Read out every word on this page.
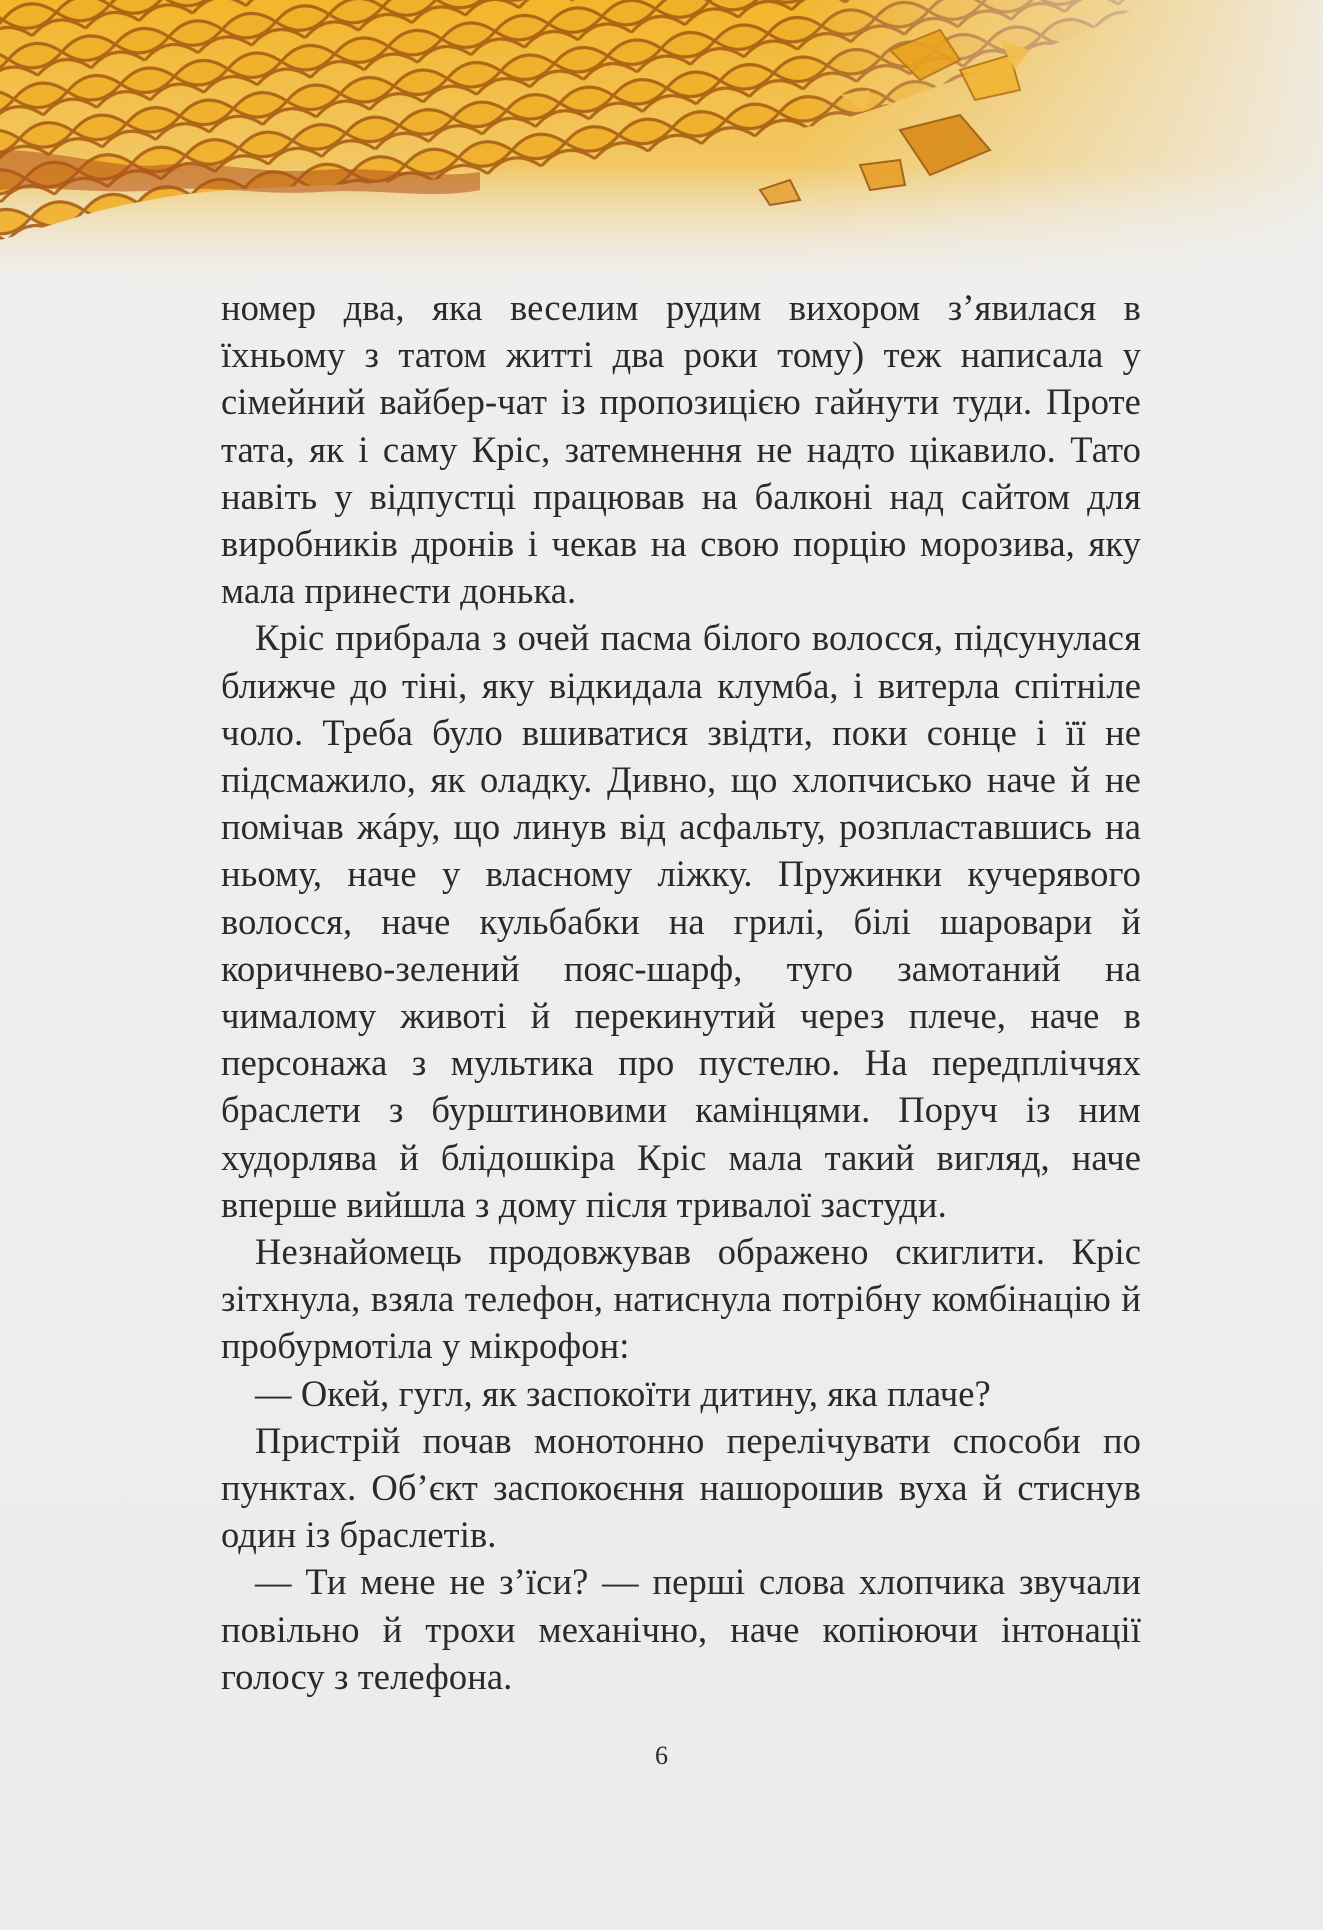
номер два, яка веселим рудим вихором з’явилася в їхньому з татом житті два роки тому) теж написала у сімейний вайбер-чат із пропозицією гайнути туди. Проте тата, як і саму Кріс, затемнення не надто цікавило. Тато навіть у відпустці працював на балконі над сайтом для виробників дронів і чекав на свою порцію морозива, яку мала принести донька.

Кріс прибрала з очей пасма білого волосся, підсунулася ближче до тіні, яку відкидала клумба, і витерла спітніле чоло. Треба було вшиватися звідти, поки сонце і її не підсмажило, як оладку. Дивно, що хлопчисько наче й не помічав жáру, що линув від асфальту, розпластавшись на ньому, наче у власному ліжку. Пружинки кучерявого волосся, наче кульбабки на грилі, білі шаровари й коричнево-зелений пояс-шарф, туго замотаний на чималому животі й перекинутий через плече, наче в персонажа з мультика про пустелю. На передпліччях браслети з бурштиновими камінцями. Поруч із ним худорлява й блідошкіра Кріс мала такий вигляд, наче вперше вийшла з дому після тривалої застуди.

Незнайомець продовжував ображено скиглити. Кріс зітхнула, взяла телефон, натиснула потрібну комбінацію й пробурмотіла у мікрофон:

— Окей, гугл, як заспокоїти дитину, яка плаче?

Пристрій почав монотонно перелічувати способи по пунктах. Об’єкт заспокоєння нашорошив вуха й стиснув один із браслетів.

— Ти мене не з’їси? — перші слова хлопчика звучали повільно й трохи механічно, наче копіюючи інтонації голосу з телефона.

6
